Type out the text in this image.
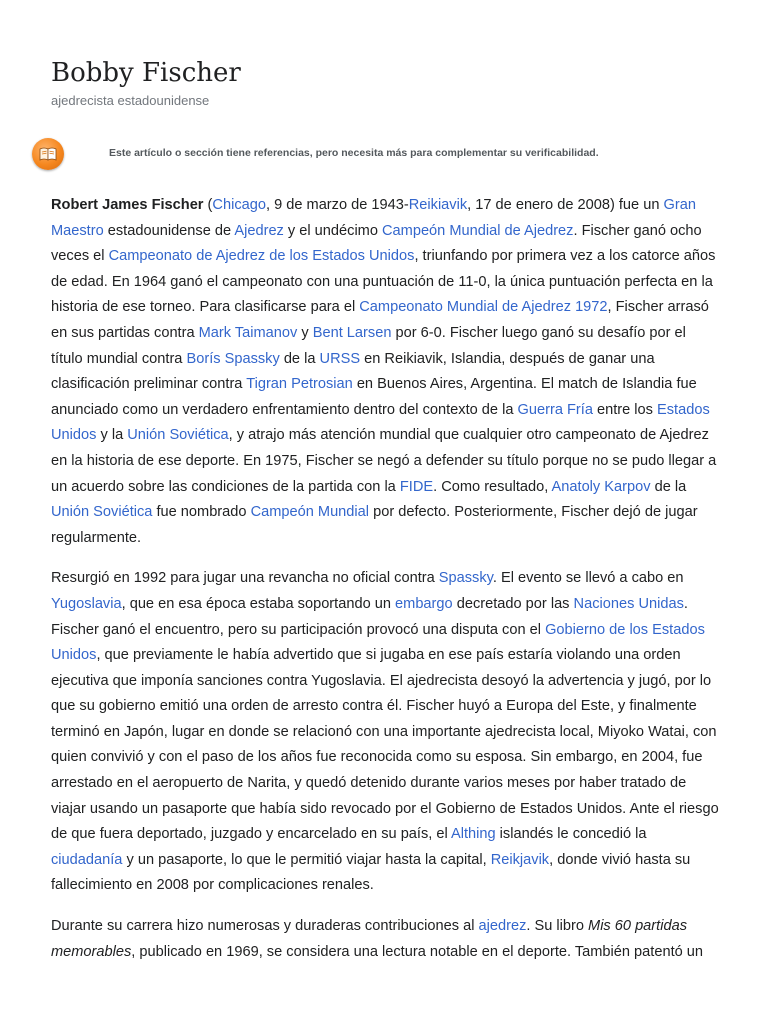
Bobby Fischer
ajedrecista estadounidense
Este artículo o sección tiene referencias, pero necesita más para complementar su verificabilidad.

Robert James Fischer (Chicago, 9 de marzo de 1943-Reikiavik, 17 de enero de 2008) fue un Gran Maestro estadounidense de Ajedrez y el undécimo Campeón Mundial de Ajedrez. Fischer ganó ocho veces el Campeonato de Ajedrez de los Estados Unidos, triunfando por primera vez a los catorce años de edad. En 1964 ganó el campeonato con una puntuación de 11-0, la única puntuación perfecta en la historia de ese torneo. Para clasificarse para el Campeonato Mundial de Ajedrez 1972, Fischer arrasó en sus partidas contra Mark Taimanov y Bent Larsen por 6-0. Fischer luego ganó su desafío por el título mundial contra Borís Spassky de la URSS en Reikiavik, Islandia, después de ganar una clasificación preliminar contra Tigran Petrosian en Buenos Aires, Argentina. El match de Islandia fue anunciado como un verdadero enfrentamiento dentro del contexto de la Guerra Fría entre los Estados Unidos y la Unión Soviética, y atrajo más atención mundial que cualquier otro campeonato de Ajedrez en la historia de ese deporte. En 1975, Fischer se negó a defender su título porque no se pudo llegar a un acuerdo sobre las condiciones de la partida con la FIDE. Como resultado, Anatoly Karpov de la Unión Soviética fue nombrado Campeón Mundial por defecto. Posteriormente, Fischer dejó de jugar regularmente.

Resurgió en 1992 para jugar una revancha no oficial contra Spassky. El evento se llevó a cabo en Yugoslavia, que en esa época estaba soportando un embargo decretado por las Naciones Unidas. Fischer ganó el encuentro, pero su participación provocó una disputa con el Gobierno de los Estados Unidos, que previamente le había advertido que si jugaba en ese país estaría violando una orden ejecutiva que imponía sanciones contra Yugoslavia. El ajedrecista desoyó la advertencia y jugó, por lo que su gobierno emitió una orden de arresto contra él. Fischer huyó a Europa del Este, y finalmente terminó en Japón, lugar en donde se relacionó con una importante ajedrecista local, Miyoko Watai, con quien convivió y con el paso de los años fue reconocida como su esposa. Sin embargo, en 2004, fue arrestado en el aeropuerto de Narita, y quedó detenido durante varios meses por haber tratado de viajar usando un pasaporte que había sido revocado por el Gobierno de Estados Unidos. Ante el riesgo de que fuera deportado, juzgado y encarcelado en su país, el Althing islandés le concedió la ciudadanía y un pasaporte, lo que le permitió viajar hasta la capital, Reikjavik, donde vivió hasta su fallecimiento en 2008 por complicaciones renales.

Durante su carrera hizo numerosas y duraderas contribuciones al ajedrez. Su libro Mis 60 partidas memorables, publicado en 1969, se considera una lectura notable en el deporte. También patentó un
